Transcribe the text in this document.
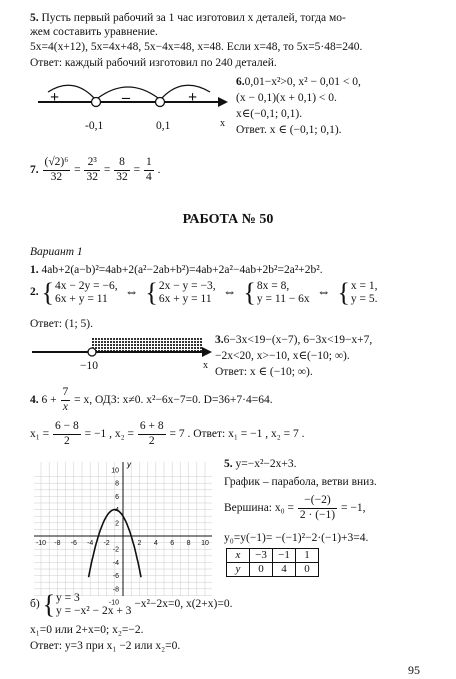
5. Пусть первый рабочий за 1 час изготовил x деталей, тогда мо-
жем составить уравнение.
5x=4(x+12), 5x=4x+48, 5x−4x=48, x=48. Если x=48, то 5x=5·48=240.
Ответ: каждый рабочий изготовил по 240 деталей.
+	–	+
-0,1	0,1	x
6.0,01−x²>0, x² − 0,01 < 0,
(x − 0,1)(x + 0,1) < 0.
x∈(−0,1; 0,1).
Ответ. x ∈ (−0,1; 0,1).
7. $\frac{\text{(√2)⁶}}{32} = \frac{\text{2³}}{32} = \frac{8}{32} = \frac{1}{4}$ .
РАБОТА № 50
Вариант 1
1. 4ab+2(a−b)²=4ab+2(a²−2ab+b²)=4ab+2a²−4ab+2b²=2a²+2b².
2. { 4x − 2y = −6,
6x + y = 11	⇔ { 2x − y = −3,
6x + y = 11 ⇔ { 8x = 8,
y = 11 − 6x ⇔ { x = 1,
y = 5.
Ответ: (1; 5).
−10	x
3.6−3x<19−(x−7), 6−3x<19−x+7,
−2x<20, x>−10, x∈(−10; ∞).
Ответ: x ∈ (−10; ∞).
4. $6 + \frac{7}{x} = x$, ОДЗ: x≠0. x²−6x−7=0. D=36+7·4=64.
$x_1 = \frac{6 - 8}{2} = -1$ , $x_2 = \frac{6 + 8}{2} = 7$ . Ответ: x₁ = −1 , x₂ = 7 .
10
8
6
4
2
-2
-4
-6
-8
-10
-10 -8 -6 -4 -2	2 4 6 8 10
y	5. y=−x²−2x+3.
График – парабола, ветви вниз.
Вершина: $x_0 = \frac{-(-2)}{2 \cdot (-1)} = -1$,
y₀=y(−1)= −(−1)²−2·(−1)+3=4.
x	−3	−1	1
y	0	4	0
б) { y = 3
y = −x² − 2x + 3
−x²−2x=0, x(2+x)=0.
x₁=0 или 2+x=0; x₂=−2.
Ответ: y=3 при x₁ −2 или x₂=0.
95
